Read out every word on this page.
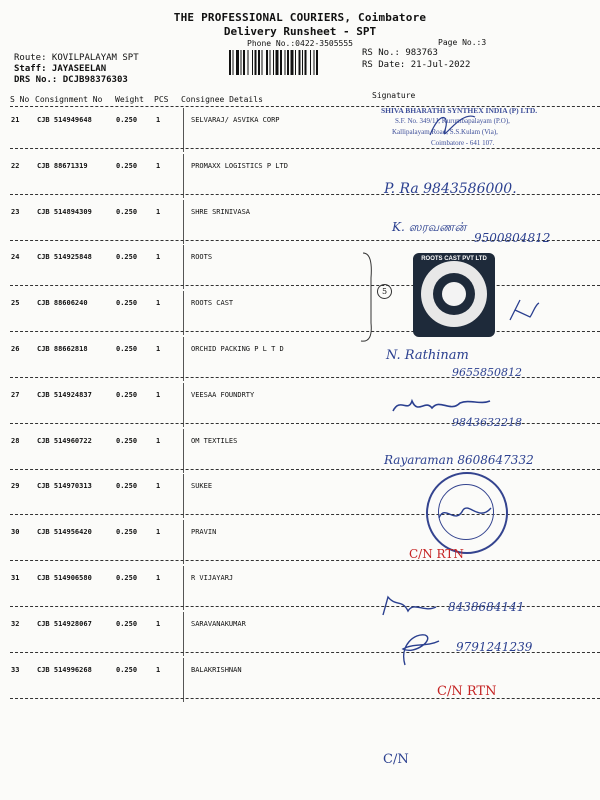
THE PROFESSIONAL COURIERS, Coimbatore
Delivery Runsheet - SPT
Phone No.:0422-3505555	Page No.:3
Route: KOVILPALAYAM SPT
Staff: JAYASEELAN
DRS No.: DCJB98376303
RS No.: 983763
RS Date: 21-Jul-2022
S No Consignment No Weight PCS Consignee Details	Signature
21	CJB 514949648	0.250	1	SELVARAJ/ ASVIKA CORP
22	CJB 88671319	0.250	1	PROMAXX LOGISTICS P LTD
23	CJB 514894309	0.250	1	SHRE SRINIVASA
24	CJB 514925848	0.250	1	ROOTS
25	CJB 88606240	0.250	1	ROOTS CAST
26	CJB 88662818	0.250	1	ORCHID PACKING P L T D
27	CJB 514924837	0.250	1	VEESAA FOUNDRTY
28	CJB 514960722	0.250	1	OM TEXTILES
29	CJB 514970313	0.250	1	SUKEE
30	CJB 514956420	0.250	1	PRAVIN
31	CJB 514906580	0.250	1	R VIJAYARJ
32	CJB 514928067	0.250	1	SARAVANAKUMAR
33	CJB 514996268	0.250	1	BALAKRISHNAN
SHIVA BHARATHI SYNTHEX INDIA (P) LTD.
S.F. No. 349/1J, Kurumbapalayam (P.O),
Kallipalayam Road, S.S.Kulam (Via),
Coimbatore - 641 107.
P. Ra 9843586000.
K. ஸரவணன்
9500804812
5
ROOTS CAST PVT LTD
N. Rathinam
9655850812
9843632218
Rayaraman 8608647332
C/N RTN
8438684141
9791241239
C/N RTN
C/N
